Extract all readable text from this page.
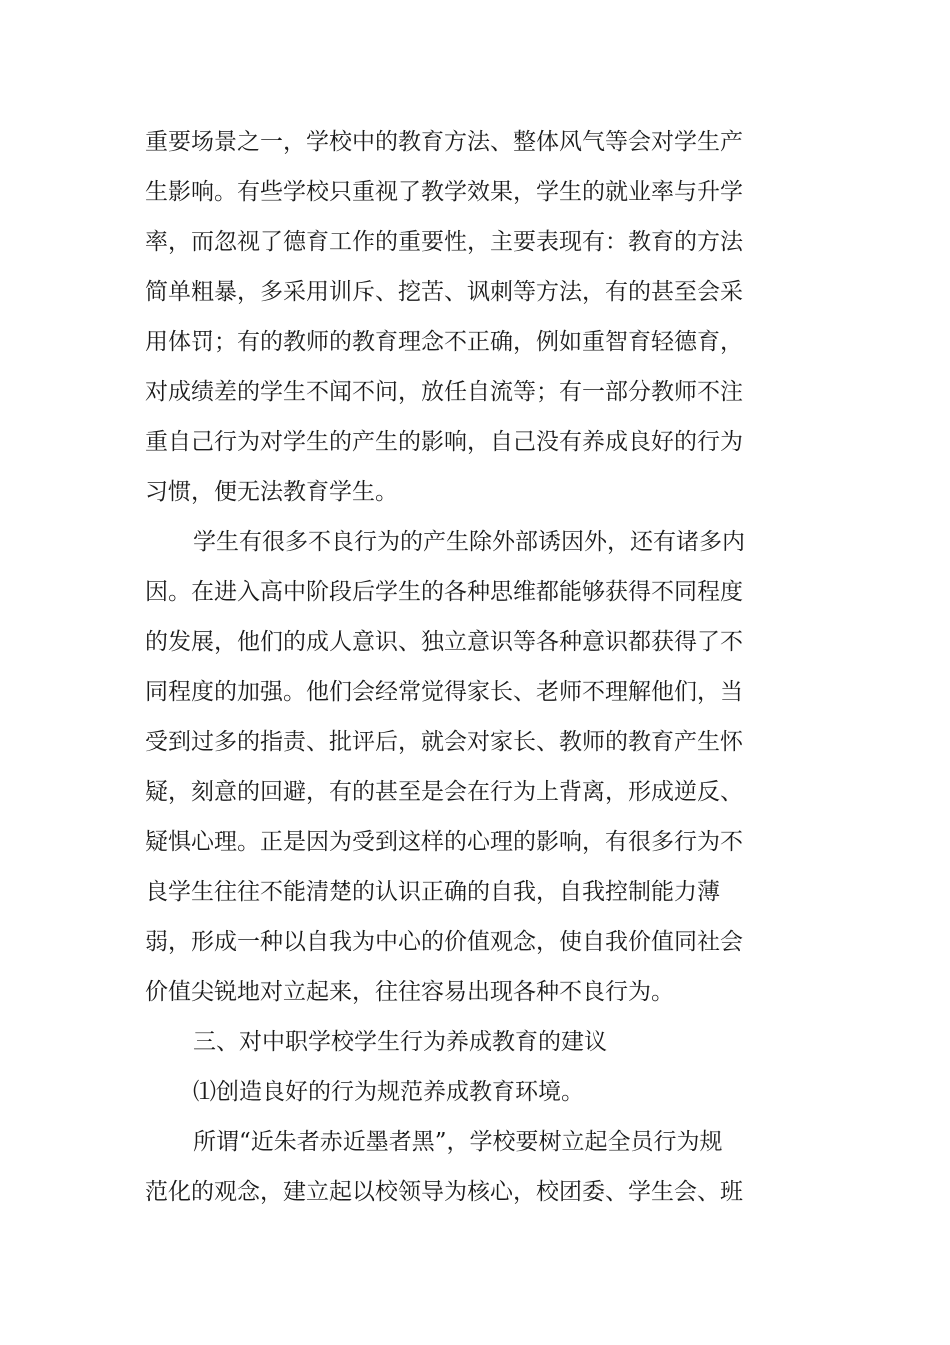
重要场景之一，学校中的教育方法、整体风气等会对学生产
生影响。有些学校只重视了教学效果，学生的就业率与升学
率，而忽视了德育工作的重要性，主要表现有：教育的方法
简单粗暴，多采用训斥、挖苦、讽刺等方法，有的甚至会采
用体罚；有的教师的教育理念不正确，例如重智育轻德育，
对成绩差的学生不闻不问，放任自流等；有一部分教师不注
重自己行为对学生的产生的影响，自己没有养成良好的行为
习惯，便无法教育学生。
学生有很多不良行为的产生除外部诱因外，还有诸多内
因。在进入高中阶段后学生的各种思维都能够获得不同程度
的发展，他们的成人意识、独立意识等各种意识都获得了不
同程度的加强。他们会经常觉得家长、老师不理解他们，当
受到过多的指责、批评后，就会对家长、教师的教育产生怀
疑，刻意的回避，有的甚至是会在行为上背离，形成逆反、
疑惧心理。正是因为受到这样的心理的影响，有很多行为不
良学生往往不能清楚的认识正确的自我，自我控制能力薄
弱，形成一种以自我为中心的价值观念，使自我价值同社会
价值尖锐地对立起来，往往容易出现各种不良行为。
三、对中职学校学生行为养成教育的建议
⑴创造良好的行为规范养成教育环境。
所谓“近朱者赤近墨者黑”，学校要树立起全员行为规
范化的观念，建立起以校领导为核心，校团委、学生会、班
